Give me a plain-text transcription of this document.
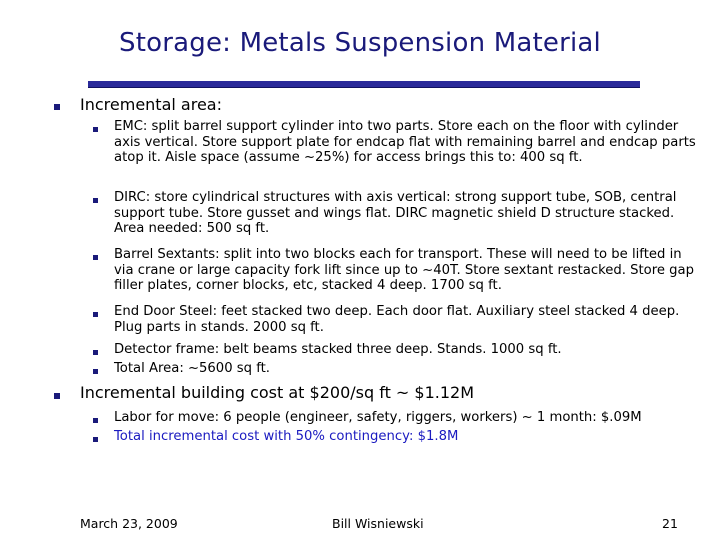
Storage: Metals Suspension Material
Incremental area:
EMC: split barrel support cylinder into two parts. Store each on the floor with cylinder axis vertical. Store support plate for endcap flat with remaining barrel and endcap parts atop it. Aisle space (assume ~25%) for access brings this to: 400 sq ft.
DIRC: store cylindrical structures with axis vertical: strong support tube, SOB, central support tube. Store gusset and wings flat. DIRC magnetic shield D structure stacked. Area needed: 500 sq ft.
Barrel Sextants: split into two blocks each for transport. These will need to be lifted in via crane or large capacity fork lift since up to ~40T. Store sextant restacked. Store gap filler plates, corner blocks, etc, stacked 4 deep. 1700 sq ft.
End Door Steel: feet stacked two deep. Each door flat. Auxiliary steel stacked 4 deep. Plug parts in stands. 2000 sq ft.
Detector frame: belt beams stacked three deep. Stands. 1000 sq ft.
Total Area: ~5600 sq ft.
Incremental building cost at $200/sq ft ~ $1.12M
Labor for move: 6 people (engineer, safety, riggers, workers) ~ 1 month: $.09M
Total incremental cost with 50% contingency: $1.8M
March 23, 2009	Bill Wisniewski	21
